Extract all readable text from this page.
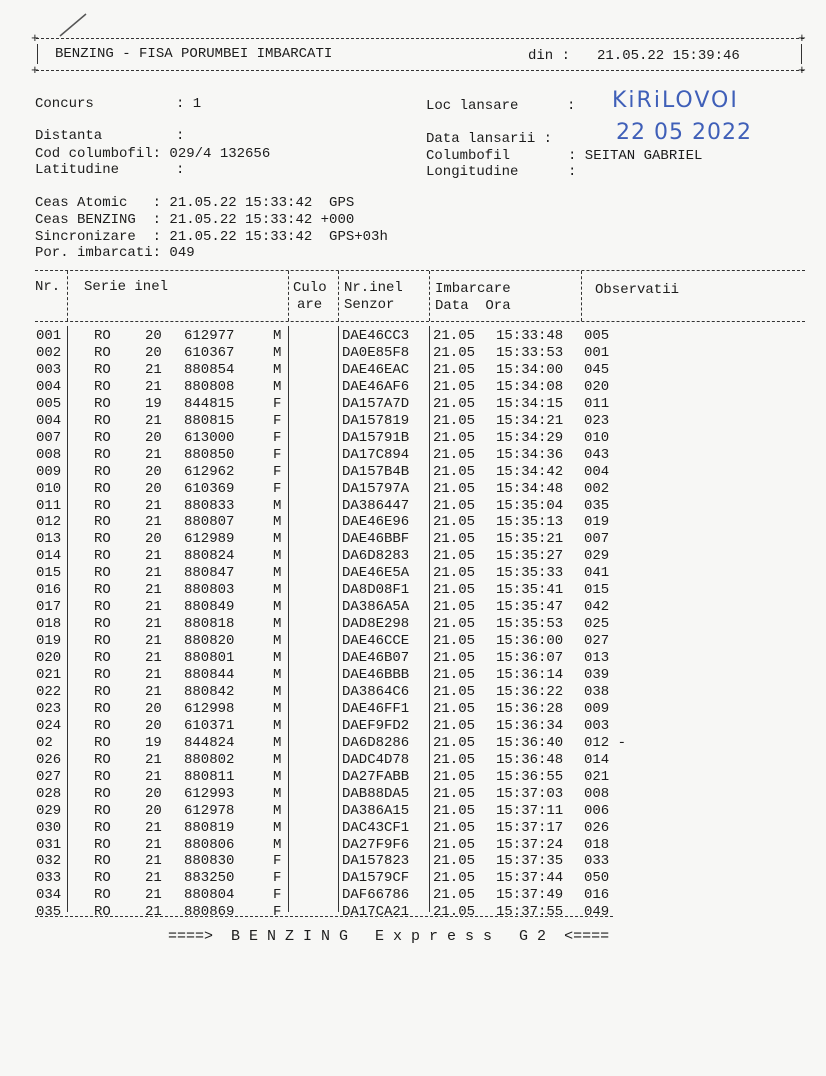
+
+
+
+
BENZING - FISA PORUMBEI IMBARCATI	din : 21.05.22 15:39:46
Concurs	: 1	Loc lansare	: KiRiLOVOI
Distanta	:	Data lansarii :	22 05 2022
Cod columbofil: 029/4 132656	Columbofil	: SEITAN GABRIEL
Latitudine	:	Longitudine	:
Ceas Atomic   : 21.05.22 15:33:42  GPS
Ceas BENZING  : 21.05.22 15:33:42 +000
Sincronizare  : 21.05.22 15:33:42  GPS+03h
Por. imbarcati: 049
Nr. Serie inel	Culo
are
Nr.inel
Senzor
Imbarcare
Data  Ora
Observatii
001 RO 20 612977	M	DAE46CC3 21.05 15:33:48 005
002 RO 20 610367	M	DA0E85F8 21.05 15:33:53 001
003 RO 21 880854	M	DAE46EAC 21.05 15:34:00 045
004 RO 21 880808	M	DAE46AF6 21.05 15:34:08 020
005 RO 19 844815	F	DA157A7D 21.05 15:34:15 011
004 RO 21 880815	F	DA157819 21.05 15:34:21 023
007 RO 20 613000	F	DA15791B 21.05 15:34:29 010
008 RO 21 880850	F	DA17C894 21.05 15:34:36 043
009 RO 20 612962	F	DA157B4B 21.05 15:34:42 004
010 RO 20 610369	F	DA15797A 21.05 15:34:48 002
011 RO 21 880833	M	DA386447 21.05 15:35:04 035
012 RO 21 880807	M	DAE46E96 21.05 15:35:13 019
013 RO 20 612989	M	DAE46BBF 21.05 15:35:21 007
014 RO 21 880824	M	DA6D8283 21.05 15:35:27 029
015 RO 21 880847	M	DAE46E5A 21.05 15:35:33 041
016 RO 21 880803	M	DA8D08F1 21.05 15:35:41 015
017 RO 21 880849	M	DA386A5A 21.05 15:35:47 042
018 RO 21 880818	M	DAD8E298 21.05 15:35:53 025
019 RO 21 880820	M	DAE46CCE 21.05 15:36:00 027
020 RO 21 880801	M	DAE46B07 21.05 15:36:07 013
021 RO 21 880844	M	DAE46BBB 21.05 15:36:14 039
022 RO 21 880842	M	DA3864C6 21.05 15:36:22 038
023 RO 20 612998	M	DAE46FF1 21.05 15:36:28 009
024 RO 20 610371	M	DAEF9FD2 21.05 15:36:34 003
02	RO 19 844824	M	DA6D8286 21.05 15:36:40 012 -
026 RO 21 880802	M	DADC4D78 21.05 15:36:48 014
027 RO 21 880811	M	DA27FABB 21.05 15:36:55 021
028 RO 20 612993	M	DAB88DA5 21.05 15:37:03 008
029 RO 20 612978	M	DA386A15 21.05 15:37:11 006
030 RO 21 880819	M	DAC43CF1 21.05 15:37:17 026
031 RO 21 880806	M	DA27F9F6 21.05 15:37:24 018
032 RO 21 880830	F	DA157823 21.05 15:37:35 033
033 RO 21 883250	F	DA1579CF 21.05 15:37:44 050
034 RO 21 880804	F	DAF66786 21.05 15:37:49 016
035 RO 21 880869	F	DA17CA21 21.05 15:37:55 049
====>  B E N Z I N G   E x p r e s s   G 2  <====
